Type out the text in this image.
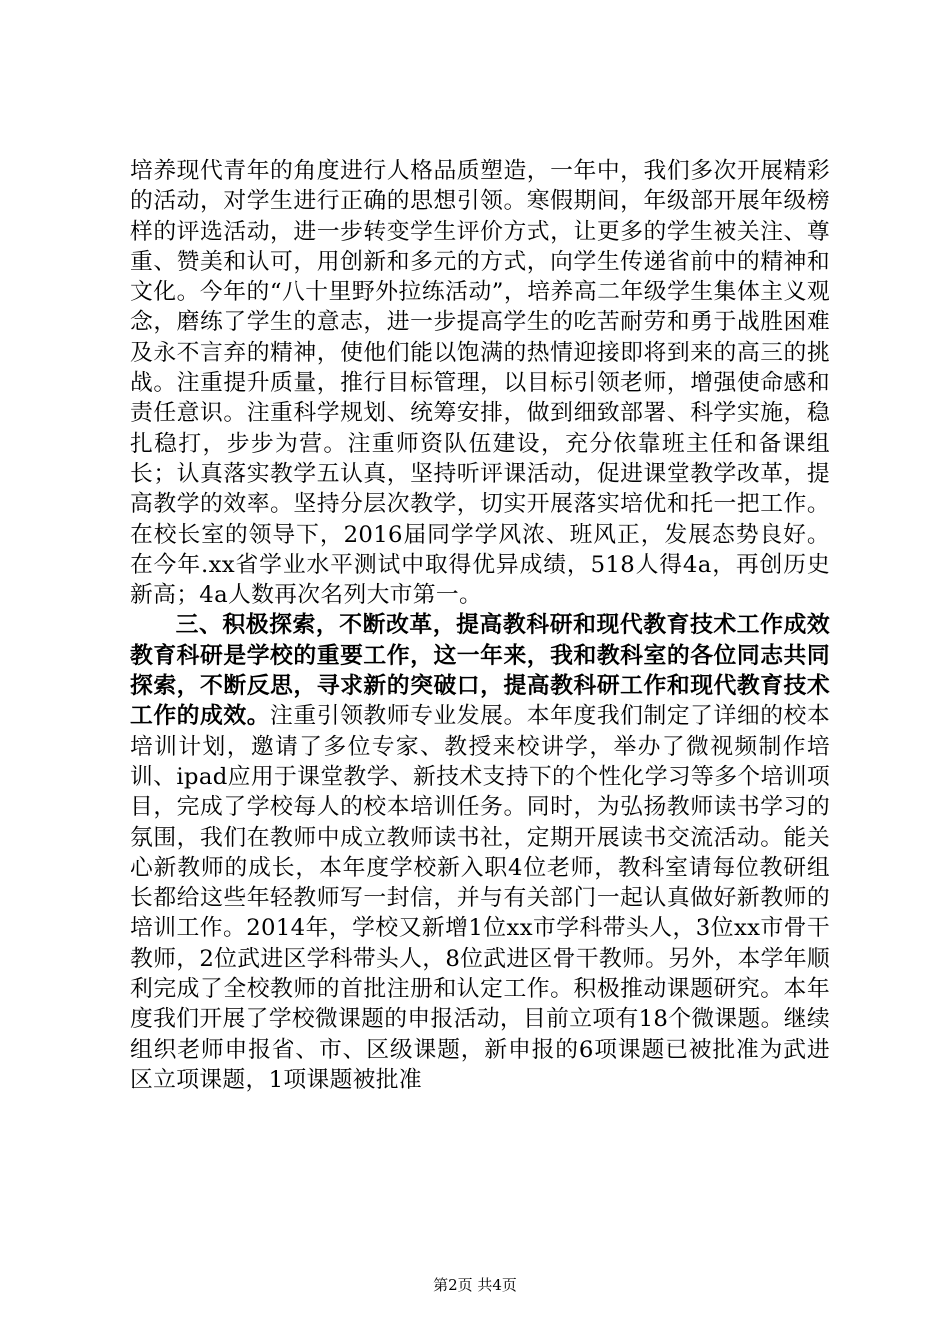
培养现代青年的角度进行人格品质塑造，一年中，我们多次开展精彩的活动，对学生进行正确的思想引领。寒假期间，年级部开展年级榜样的评选活动，进一步转变学生评价方式，让更多的学生被关注、尊重、赞美和认可，用创新和多元的方式，向学生传递省前中的精神和文化。今年的“八十里野外拉练活动”，培养高二年级学生集体主义观念，磨练了学生的意志，进一步提高学生的吃苦耐劳和勇于战胜困难及永不言弃的精神，使他们能以饱满的热情迎接即将到来的高三的挑战。注重提升质量，推行目标管理，以目标引领老师，增强使命感和责任意识。注重科学规划、统筹安排，做到细致部署、科学实施，稳扎稳打，步步为营。注重师资队伍建设，充分依靠班主任和备课组长；认真落实教学五认真，坚持听评课活动，促进课堂教学改革，提高教学的效率。坚持分层次教学，切实开展落实培优和托一把工作。在校长室的领导下，2016届同学学风浓、班风正，发展态势良好。在今年.xx省学业水平测试中取得优异成绩，518人得4a，再创历史新高；4a人数再次名列大市第一。

三、积极探索，不断改革，提高教科研和现代教育技术工作成效教育科研是学校的重要工作，这一年来，我和教科室的各位同志共同探索，不断反思，寻求新的突破口，提高教科研工作和现代教育技术工作的成效。注重引领教师专业发展。本年度我们制定了详细的校本培训计划，邀请了多位专家、教授来校讲学，举办了微视频制作培训、ipad应用于课堂教学、新技术支持下的个性化学习等多个培训项目，完成了学校每人的校本培训任务。同时，为弘扬教师读书学习的氛围，我们在教师中成立教师读书社，定期开展读书交流活动。能关心新教师的成长，本年度学校新入职4位老师，教科室请每位教研组长都给这些年轻教师写一封信，并与有关部门一起认真做好新教师的培训工作。2014年，学校又新增1位xx市学科带头人，3位xx市骨干教师，2位武进区学科带头人，8位武进区骨干教师。另外，本学年顺利完成了全校教师的首批注册和认定工作。积极推动课题研究。本年度我们开展了学校微课题的申报活动，目前立项有18个微课题。继续组织老师申报省、市、区级课题，新申报的6项课题已被批准为武进区立项课题，1项课题被批准

第2页 共4页
